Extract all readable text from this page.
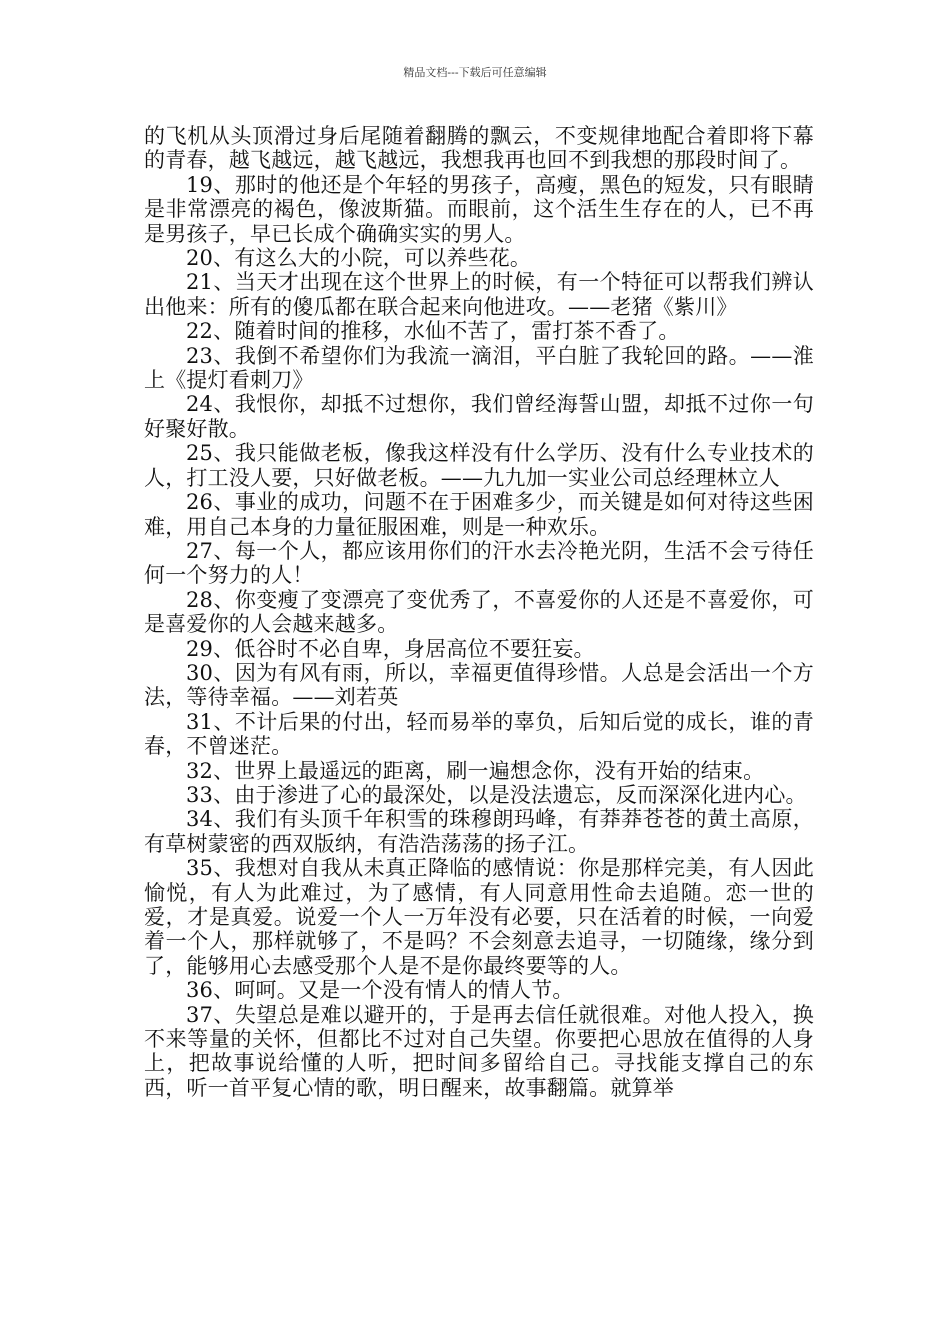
精品文档---下载后可任意编辑

的飞机从头顶滑过身后尾随着翻腾的飘云，不变规律地配合着即将下幕的青春，越飞越远，越飞越远，我想我再也回不到我想的那段时间了。

19、那时的他还是个年轻的男孩子，高瘦，黑色的短发，只有眼睛是非常漂亮的褐色，像波斯猫。而眼前，这个活生生存在的人，已不再是男孩子，早已长成个确确实实的男人。

20、有这么大的小院，可以养些花。

21、当天才出现在这个世界上的时候，有一个特征可以帮我们辨认出他来：所有的傻瓜都在联合起来向他进攻。——老猪《紫川》

22、随着时间的推移，水仙不苦了，雷打茶不香了。

23、我倒不希望你们为我流一滴泪，平白脏了我轮回的路。——淮上《提灯看刺刀》

24、我恨你，却抵不过想你，我们曾经海誓山盟，却抵不过你一句好聚好散。

25、我只能做老板，像我这样没有什么学历、没有什么专业技术的人，打工没人要，只好做老板。——九九加一实业公司总经理林立人

26、事业的成功，问题不在于困难多少，而关键是如何对待这些困难，用自己本身的力量征服困难，则是一种欢乐。

27、每一个人，都应该用你们的汗水去冷艳光阴，生活不会亏待任何一个努力的人！

28、你变瘦了变漂亮了变优秀了，不喜爱你的人还是不喜爱你，可是喜爱你的人会越来越多。

29、低谷时不必自卑，身居高位不要狂妄。

30、因为有风有雨，所以，幸福更值得珍惜。人总是会活出一个方法，等待幸福。——刘若英

31、不计后果的付出，轻而易举的辜负，后知后觉的成长，谁的青春，不曾迷茫。

32、世界上最遥远的距离，刷一遍想念你，没有开始的结束。

33、由于渗进了心的最深处，以是没法遗忘，反而深深化进内心。

34、我们有头顶千年积雪的珠穆朗玛峰，有莽莽苍苍的黄土高原，有草树蒙密的西双版纳，有浩浩荡荡的扬子江。

35、我想对自我从未真正降临的感情说：你是那样完美，有人因此愉悦，有人为此难过，为了感情，有人同意用性命去追随。恋一世的爱，才是真爱。说爱一个人一万年没有必要，只在活着的时候，一向爱着一个人，那样就够了，不是吗？不会刻意去追寻，一切随缘，缘分到了，能够用心去感受那个人是不是你最终要等的人。

36、呵呵。又是一个没有情人的情人节。

37、失望总是难以避开的，于是再去信任就很难。对他人投入，换不来等量的关怀，但都比不过对自己失望。你要把心思放在值得的人身上，把故事说给懂的人听，把时间多留给自己。寻找能支撑自己的东西，听一首平复心情的歌，明日醒来，故事翻篇。就算举
